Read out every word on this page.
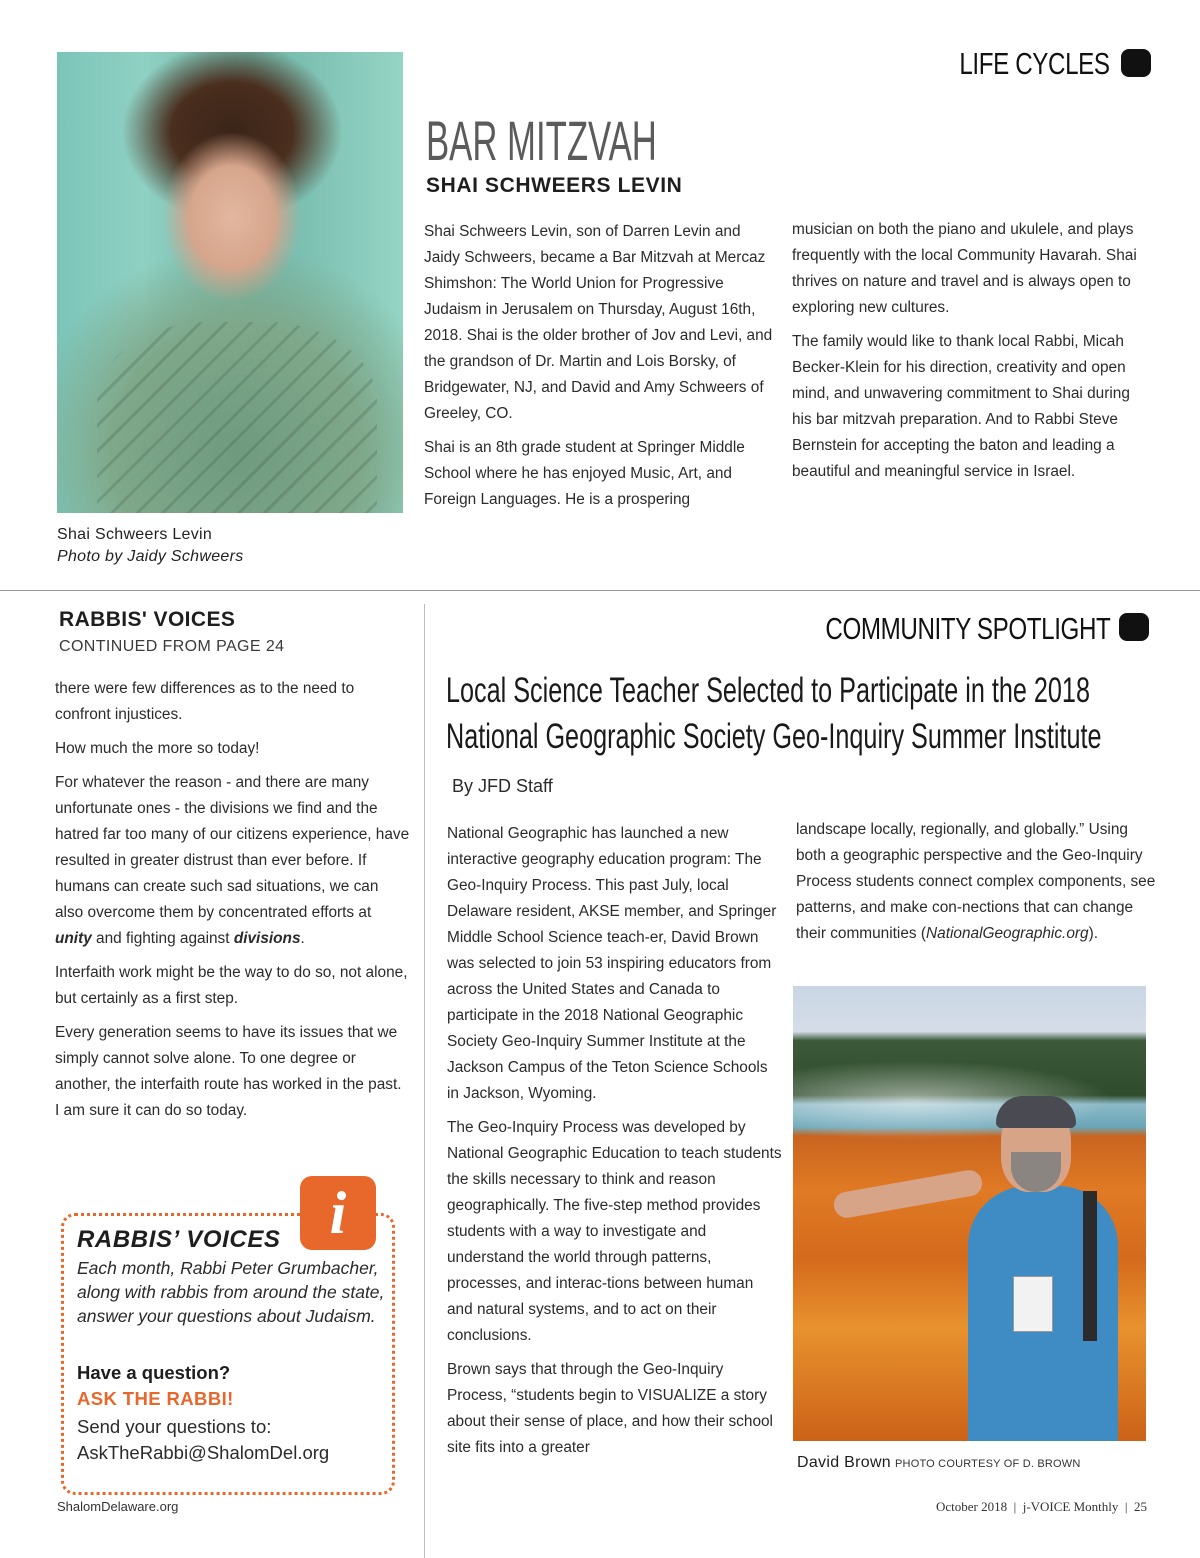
LIFE CYCLES
Shai Schweers Levin
Photo by Jaidy Schweers
BAR MITZVAH
SHAI SCHWEERS LEVIN

Shai Schweers Levin, son of Darren Levin and Jaidy Schweers, became a Bar Mitzvah at Mercaz Shimshon: The World Union for Progressive Judaism in Jerusalem on Thursday, August 16th, 2018. Shai is the older brother of Jov and Levi, and the grandson of Dr. Martin and Lois Borsky, of Bridgewater, NJ, and David and Amy Schweers of Greeley, CO.

Shai is an 8th grade student at Springer Middle School where he has enjoyed Music, Art, and Foreign Languages. He is a prospering

musician on both the piano and ukulele, and plays frequently with the local Community Havarah. Shai thrives on nature and travel and is always open to exploring new cultures.

The family would like to thank local Rabbi, Micah Becker-Klein for his direction, creativity and open mind, and unwavering commitment to Shai during his bar mitzvah preparation. And to Rabbi Steve Bernstein for accepting the baton and leading a beautiful and meaningful service in Israel.

RABBIS' VOICES
CONTINUED FROM PAGE 24

there were few differences as to the need to confront injustices.

How much the more so today!

For whatever the reason - and there are many unfortunate ones - the divisions we find and the hatred far too many of our citizens experience, have resulted in greater distrust than ever before. If humans can create such sad situations, we can also overcome them by concentrated efforts at unity and fighting against divisions.

Interfaith work might be the way to do so, not alone, but certainly as a first step.

Every generation seems to have its issues that we simply cannot solve alone. To one degree or another, the interfaith route has worked in the past. I am sure it can do so today.

i
RABBIS’ VOICES
Each month, Rabbi Peter Grumbacher, along with rabbis from around the state, answer your questions about Judaism.
Have a question?
ASK THE RABBI!
Send your questions to:
AskTheRabbi@ShalomDel.org
COMMUNITY SPOTLIGHT
Local Science Teacher Selected to Participate in the 2018
National Geographic Society Geo-Inquiry Summer Institute
By JFD Staff

National Geographic has launched a new interactive geography education program: The Geo-Inquiry Process. This past July, local Delaware resident, AKSE member, and Springer Middle School Science teach-er, David Brown was selected to join 53 inspiring educators from across the United States and Canada to participate in the 2018 National Geographic Society Geo-Inquiry Summer Institute at the Jackson Campus of the Teton Science Schools in Jackson, Wyoming.

The Geo-Inquiry Process was developed by National Geographic Education to teach students the skills necessary to think and reason geographically. The five-step method provides students with a way to investigate and understand the world through patterns, processes, and interac-tions between human and natural systems, and to act on their conclusions.

Brown says that through the Geo-Inquiry Process, “students begin to VISUALIZE a story about their sense of place, and how their school site fits into a greater

landscape locally, regionally, and globally.” Using both a geographic perspective and the Geo-Inquiry Process students connect complex components, see patterns, and make con-nections that can change their communities (NationalGeographic.org).

David Brown PHOTO COURTESY OF D. BROWN
ShalomDelaware.org	October 2018  |  j-VOICE Monthly  |  25
